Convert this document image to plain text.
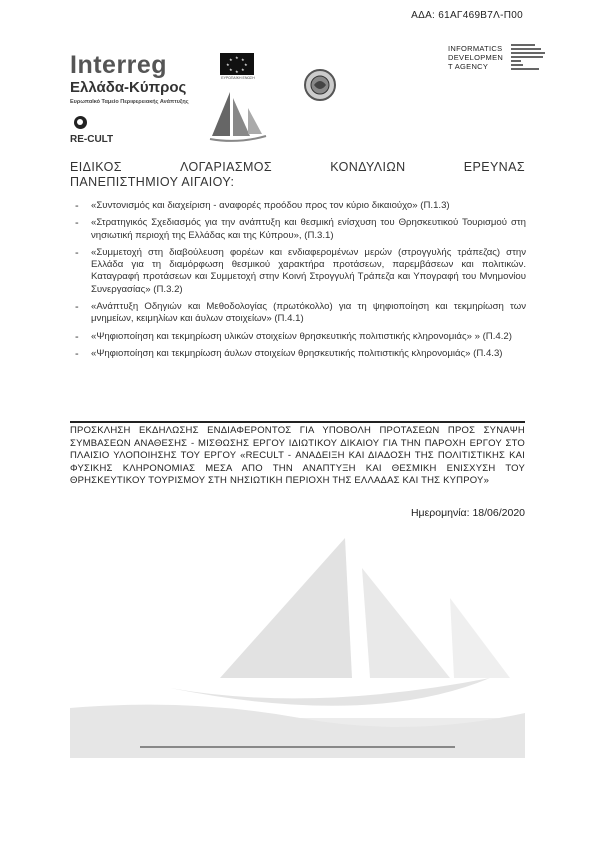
ΑΔΑ: 61ΑΓ469Β7Λ-Π00
Interreg
Ελλάδα-Κύπρος
Ευρωπαϊκό Ταμείο Περιφερειακής Ανάπτυξης
★ ★
★
★
★
★
★
★
ΕΥΡΩΠΑΪΚΗ ΕΝΩΣΗ
RE-CULT
INFORMATICS DEVELOPMEN T AGENCY
ΕΙΔΙΚΟΣ	ΛΟΓΑΡΙΑΣΜΟΣ	ΚΟΝΔΥΛΙΩΝ	ΕΡΕΥΝΑΣ
ΠΑΝΕΠΙΣΤΗΜΙΟΥ ΑΙΓΑΙΟΥ:
- «Συντονισμός και διαχείριση - αναφορές προόδου προς τον κύριο δικαιούχο» (Π.1.3)
- «Στρατηγικός Σχεδιασμός για την ανάπτυξη και θεσμική ενίσχυση του Θρησκευτικού Τουρισμού στη νησιωτική περιοχή της Ελλάδας και της Κύπρου», (Π.3.1)
- «Συμμετοχή στη διαβούλευση φορέων και ενδιαφερομένων μερών (στρογγυλής τράπεζας) στην Ελλάδα για τη διαμόρφωση θεσμικού χαρακτήρα προτάσεων, παρεμβάσεων και πολιτικών. Καταγραφή προτάσεων και Συμμετοχή στην Κοινή Στρογγυλή Τράπεζα και Υπογραφή του Μνημονίου Συνεργασίας» (Π.3.2)
- «Ανάπτυξη Οδηγιών και Μεθοδολογίας (πρωτόκολλο) για τη ψηφιοποίηση και τεκμηρίωση των μνημείων, κειμηλίων και άυλων στοιχείων» (Π.4.1)
- «Ψηφιοποίηση και τεκμηρίωση υλικών στοιχείων θρησκευτικής πολιτιστικής κληρονομιάς» » (Π.4.2)
- «Ψηφιοποίηση και τεκμηρίωση άυλων στοιχείων θρησκευτικής πολιτιστικής κληρονομιάς» (Π.4.3)
ΠΡΟΣΚΛΗΣΗ ΕΚΔΗΛΩΣΗΣ ΕΝΔΙΑΦΕΡΟΝΤΟΣ ΓΙΑ ΥΠΟΒΟΛΗ ΠΡΟΤΑΣΕΩΝ ΠΡΟΣ ΣΥΝΑΨΗ ΣΥΜΒΑΣΕΩΝ ΑΝΑΘΕΣΗΣ - ΜΙΣΘΩΣΗΣ ΕΡΓΟΥ ΙΔΙΩΤΙΚΟΥ ΔΙΚΑΙΟΥ ΓΙΑ ΤΗΝ ΠΑΡΟΧΗ ΕΡΓΟΥ ΣΤΟ ΠΛΑΙΣΙΟ ΥΛΟΠΟΙΗΣΗΣ ΤΟΥ ΕΡΓΟΥ «RECULT - ΑΝΑΔΕΙΞΗ ΚΑΙ ΔΙΑΔΟΣΗ ΤΗΣ ΠΟΛΙΤΙΣΤΙΚΗΣ ΚΑΙ ΦΥΣΙΚΗΣ ΚΛΗΡΟΝΟΜΙΑΣ ΜΕΣΑ ΑΠΟ ΤΗΝ ΑΝΑΠΤΥΞΗ ΚΑΙ ΘΕΣΜΙΚΗ ΕΝΙΣΧΥΣΗ ΤΟΥ ΘΡΗΣΚΕΥΤΙΚΟΥ ΤΟΥΡΙΣΜΟΥ ΣΤΗ ΝΗΣΙΩΤΙΚΗ ΠΕΡΙΟΧΗ ΤΗΣ ΕΛΛΑΔΑΣ ΚΑΙ ΤΗΣ ΚΥΠΡΟΥ»
Ημερομηνία: 18/06/2020
